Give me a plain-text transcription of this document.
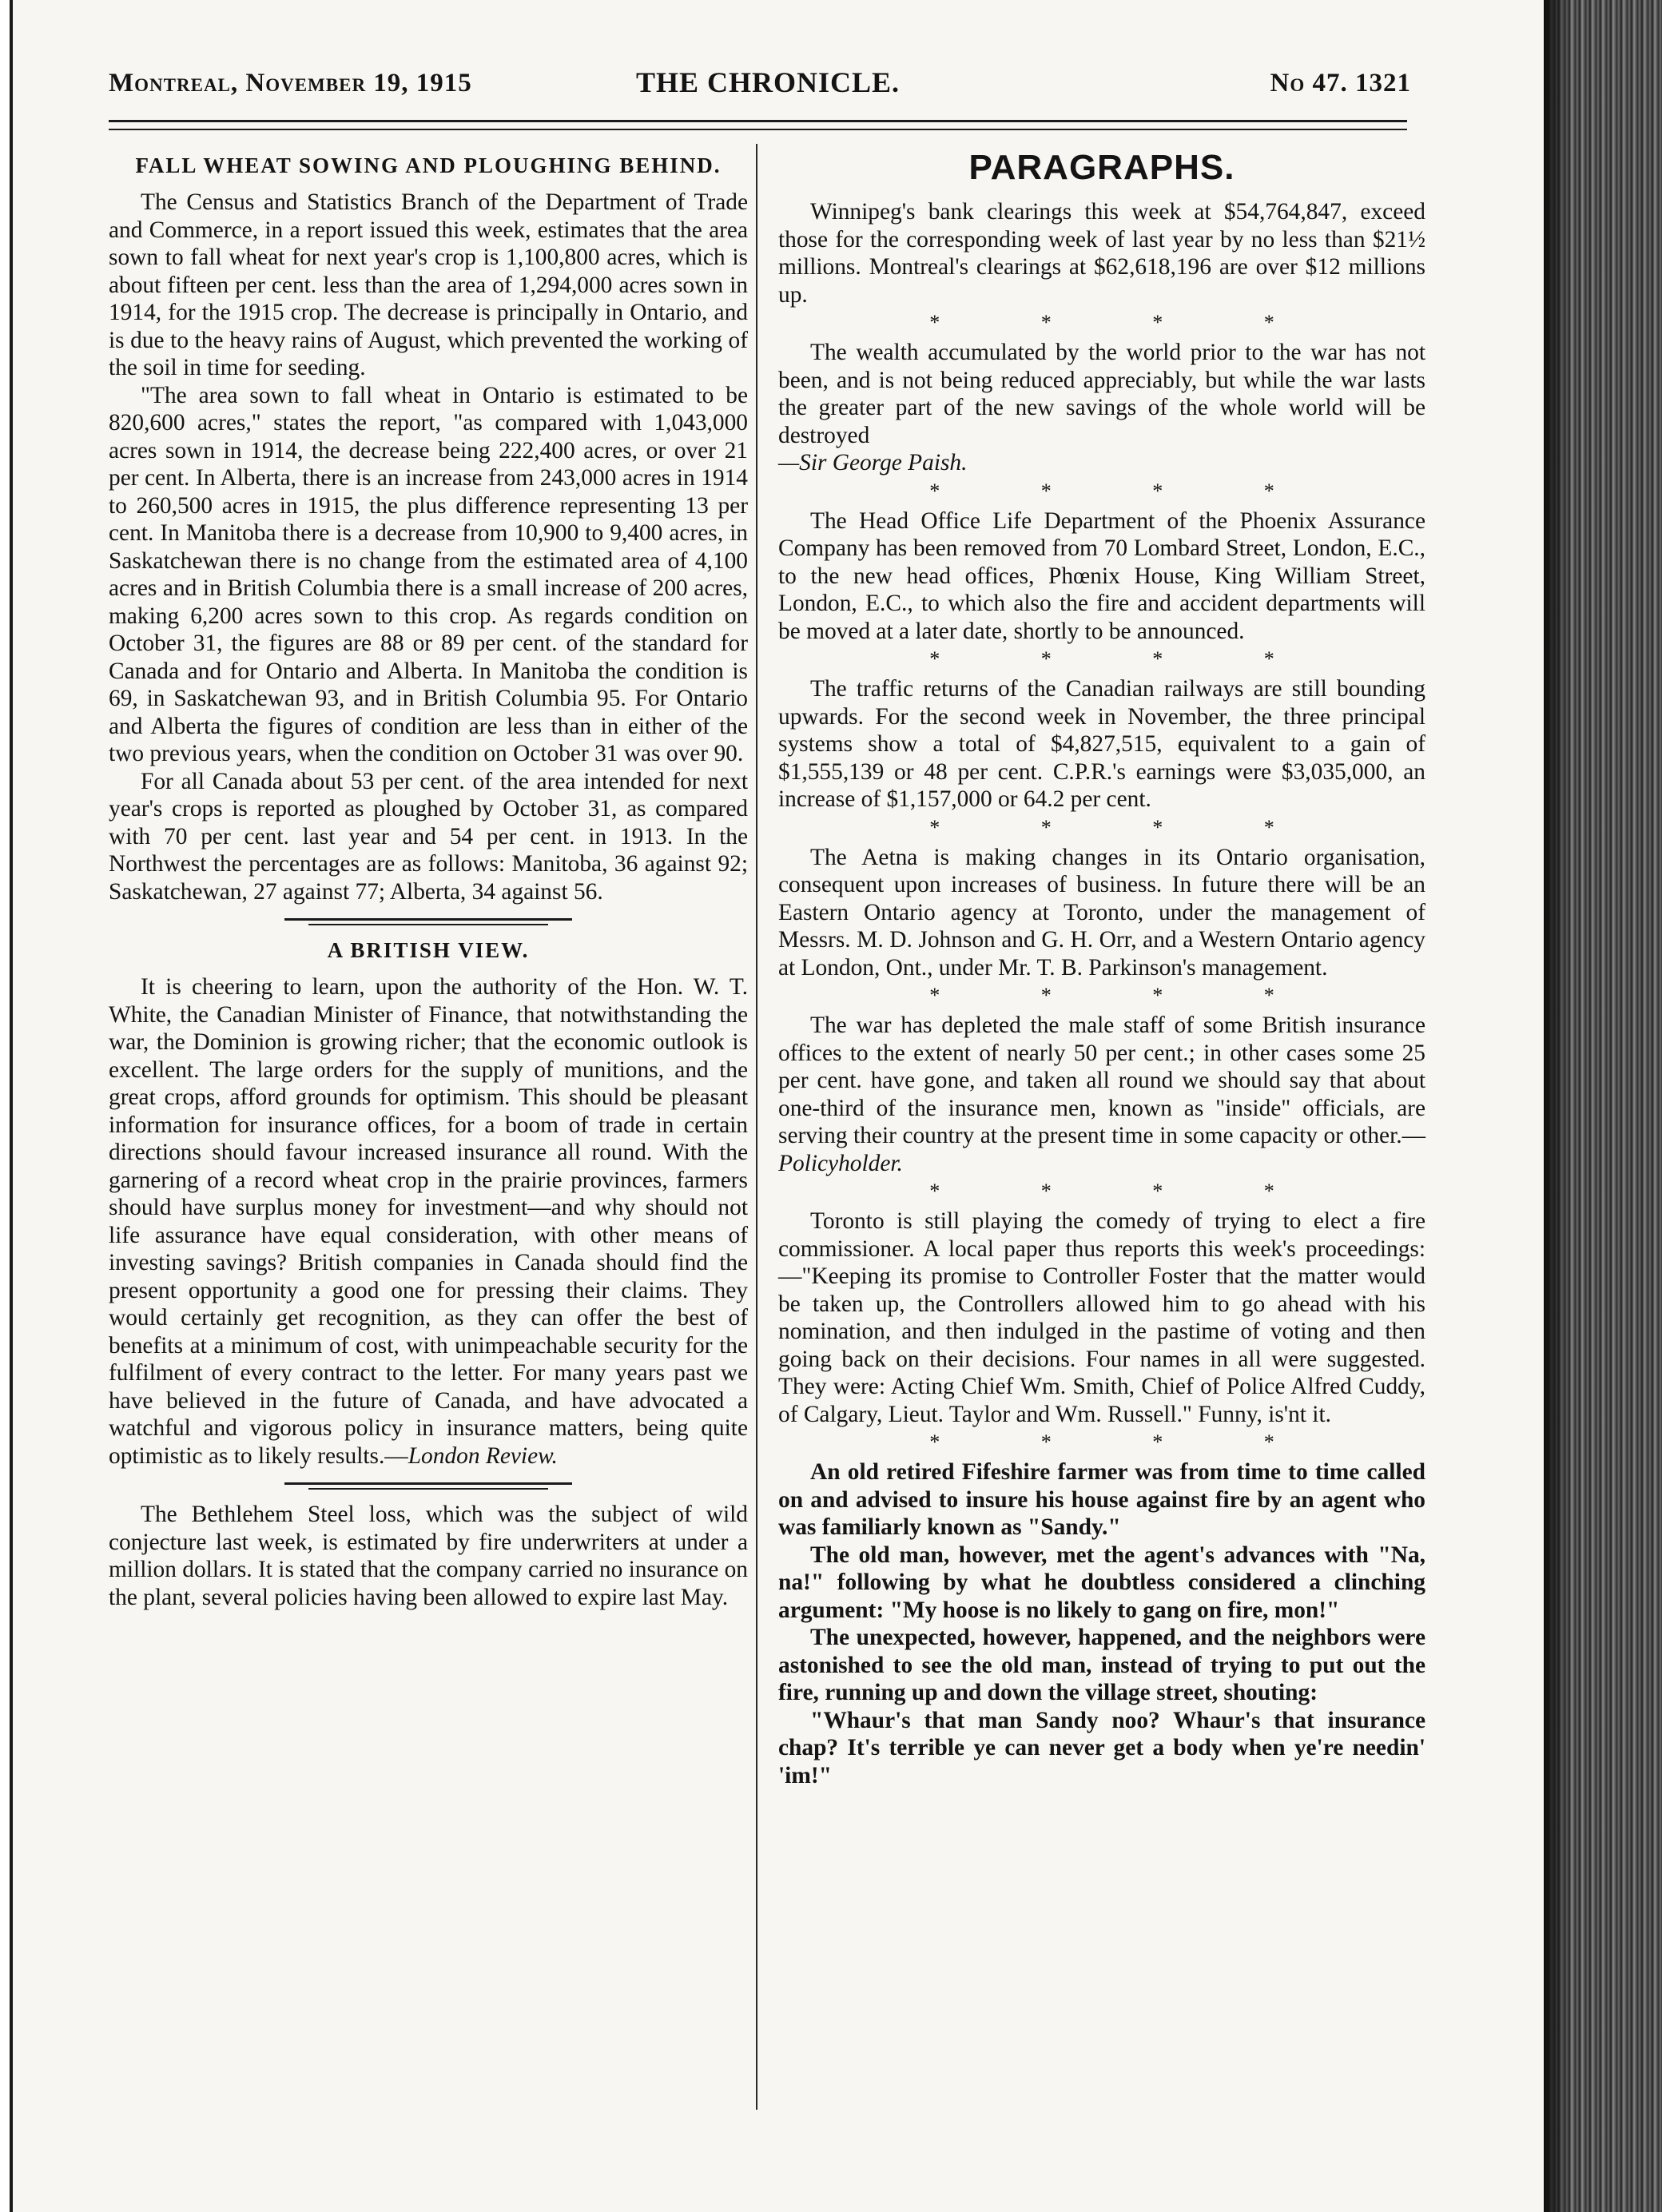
Montreal, November 19, 1915	THE CHRONICLE.	No 47. 1321
FALL WHEAT SOWING AND PLOUGHING BEHIND.

The Census and Statistics Branch of the Department of Trade and Commerce, in a report issued this week, estimates that the area sown to fall wheat for next year's crop is 1,100,800 acres, which is about fifteen per cent. less than the area of 1,294,000 acres sown in 1914, for the 1915 crop. The decrease is principally in Ontario, and is due to the heavy rains of August, which prevented the working of the soil in time for seeding.

"The area sown to fall wheat in Ontario is estimated to be 820,600 acres," states the report, "as compared with 1,043,000 acres sown in 1914, the decrease being 222,400 acres, or over 21 per cent. In Alberta, there is an increase from 243,000 acres in 1914 to 260,500 acres in 1915, the plus difference representing 13 per cent. In Manitoba there is a decrease from 10,900 to 9,400 acres, in Saskatchewan there is no change from the estimated area of 4,100 acres and in British Columbia there is a small increase of 200 acres, making 6,200 acres sown to this crop. As regards condition on October 31, the figures are 88 or 89 per cent. of the standard for Canada and for Ontario and Alberta. In Manitoba the condition is 69, in Saskatchewan 93, and in British Columbia 95. For Ontario and Alberta the figures of condition are less than in either of the two previous years, when the condition on October 31 was over 90.

For all Canada about 53 per cent. of the area intended for next year's crops is reported as ploughed by October 31, as compared with 70 per cent. last year and 54 per cent. in 1913. In the Northwest the percentages are as follows: Manitoba, 36 against 92; Saskatchewan, 27 against 77; Alberta, 34 against 56.

A BRITISH VIEW.

It is cheering to learn, upon the authority of the Hon. W. T. White, the Canadian Minister of Finance, that notwithstanding the war, the Dominion is growing richer; that the economic outlook is excellent. The large orders for the supply of munitions, and the great crops, afford grounds for optimism. This should be pleasant information for insurance offices, for a boom of trade in certain directions should favour increased insurance all round. With the garnering of a record wheat crop in the prairie provinces, farmers should have surplus money for investment—and why should not life assurance have equal consideration, with other means of investing savings? British companies in Canada should find the present opportunity a good one for pressing their claims. They would certainly get recognition, as they can offer the best of benefits at a minimum of cost, with unimpeachable security for the fulfilment of every contract to the letter. For many years past we have believed in the future of Canada, and have advocated a watchful and vigorous policy in insurance matters, being quite optimistic as to likely results.—London Review.

The Bethlehem Steel loss, which was the subject of wild conjecture last week, is estimated by fire underwriters at under a million dollars. It is stated that the company carried no insurance on the plant, several policies having been allowed to expire last May.

PARAGRAPHS.

Winnipeg's bank clearings this week at $54,764,847, exceed those for the corresponding week of last year by no less than $21½ millions. Montreal's clearings at $62,618,196 are over $12 millions up.

* * * *

The wealth accumulated by the world prior to the war has not been, and is not being reduced appreciably, but while the war lasts the greater part of the new savings of the whole world will be destroyed
—Sir George Paish.

* * * *

The Head Office Life Department of the Phoenix Assurance Company has been removed from 70 Lombard Street, London, E.C., to the new head offices, Phœnix House, King William Street, London, E.C., to which also the fire and accident departments will be moved at a later date, shortly to be announced.

* * * *

The traffic returns of the Canadian railways are still bounding upwards. For the second week in November, the three principal systems show a total of $4,827,515, equivalent to a gain of $1,555,139 or 48 per cent. C.P.R.'s earnings were $3,035,000, an increase of $1,157,000 or 64.2 per cent.

* * * *

The Aetna is making changes in its Ontario organisation, consequent upon increases of business. In future there will be an Eastern Ontario agency at Toronto, under the management of Messrs. M. D. Johnson and G. H. Orr, and a Western Ontario agency at London, Ont., under Mr. T. B. Parkinson's management.

* * * *

The war has depleted the male staff of some British insurance offices to the extent of nearly 50 per cent.; in other cases some 25 per cent. have gone, and taken all round we should say that about one-third of the insurance men, known as "inside" officials, are serving their country at the present time in some capacity or other.—Policyholder.

* * * *

Toronto is still playing the comedy of trying to elect a fire commissioner. A local paper thus reports this week's proceedings:—"Keeping its promise to Controller Foster that the matter would be taken up, the Controllers allowed him to go ahead with his nomination, and then indulged in the pastime of voting and then going back on their decisions. Four names in all were suggested. They were: Acting Chief Wm. Smith, Chief of Police Alfred Cuddy, of Calgary, Lieut. Taylor and Wm. Russell." Funny, is'nt it.

* * * *

An old retired Fifeshire farmer was from time to time called on and advised to insure his house against fire by an agent who was familiarly known as "Sandy."

The old man, however, met the agent's advances with "Na, na!" following by what he doubtless considered a clinching argument: "My hoose is no likely to gang on fire, mon!"

The unexpected, however, happened, and the neighbors were astonished to see the old man, instead of trying to put out the fire, running up and down the village street, shouting:

"Whaur's that man Sandy noo? Whaur's that insurance chap? It's terrible ye can never get a body when ye're needin' 'im!"
